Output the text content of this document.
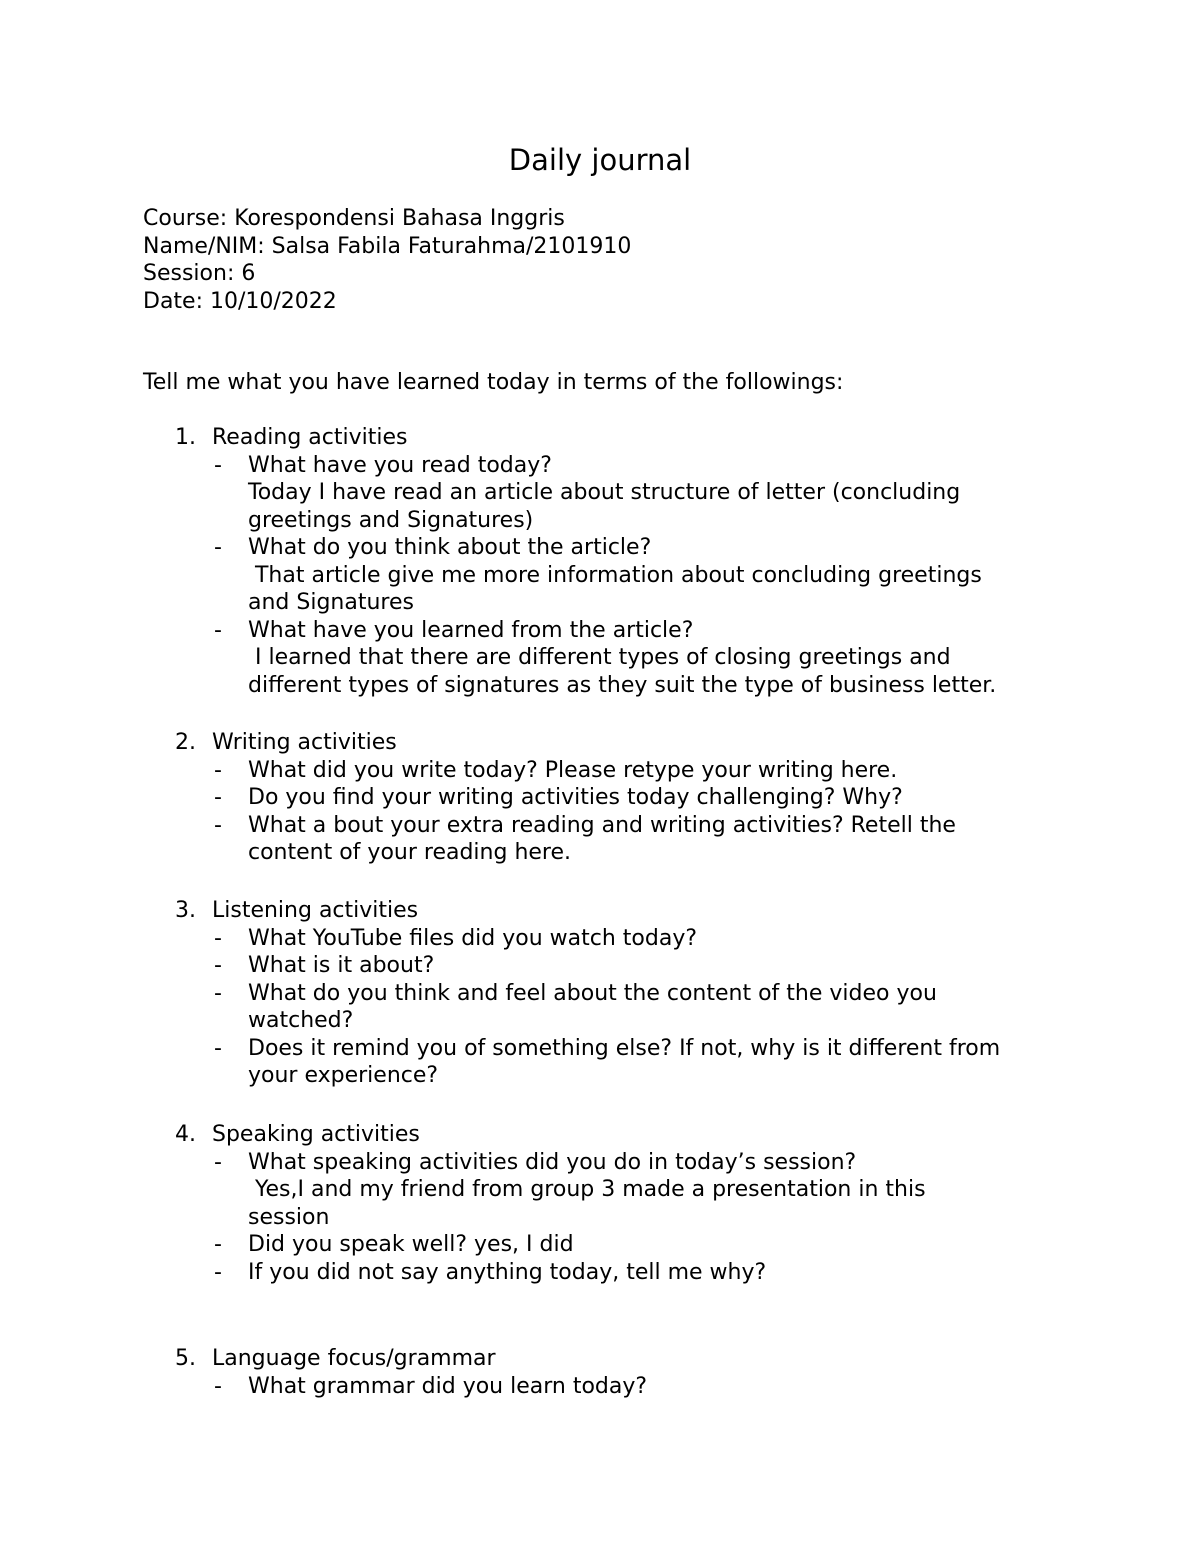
Daily journal
Course: Korespondensi Bahasa Inggris
Name/NIM: Salsa Fabila Faturahma/2101910
Session: 6
Date: 10/10/2022
Tell me what you have learned today in terms of the followings:
1. Reading activities
-	What have you read today?
Today I have read an article about structure of letter (concluding
greetings and Signatures)
-	What do you think about the article?
That article give me more information about concluding greetings
and Signatures
-	What have you learned from the article?
I learned that there are different types of closing greetings and
different types of signatures as they suit the type of business letter.
2. Writing activities
-	What did you write today? Please retype your writing here.
-	Do you find your writing activities today challenging? Why?
-	What a bout your extra reading and writing activities? Retell the
content of your reading here.
3. Listening activities
-	What YouTube files did you watch today?
-	What is it about?
-	What do you think and feel about the content of the video you
watched?
-	Does it remind you of something else? If not, why is it different from
your experience?
4. Speaking activities
-	What speaking activities did you do in today’s session?
Yes,I and my friend from group 3 made a presentation in this
session
-	Did you speak well? yes, I did
-	If you did not say anything today, tell me why?
5. Language focus/grammar
-	What grammar did you learn today?
